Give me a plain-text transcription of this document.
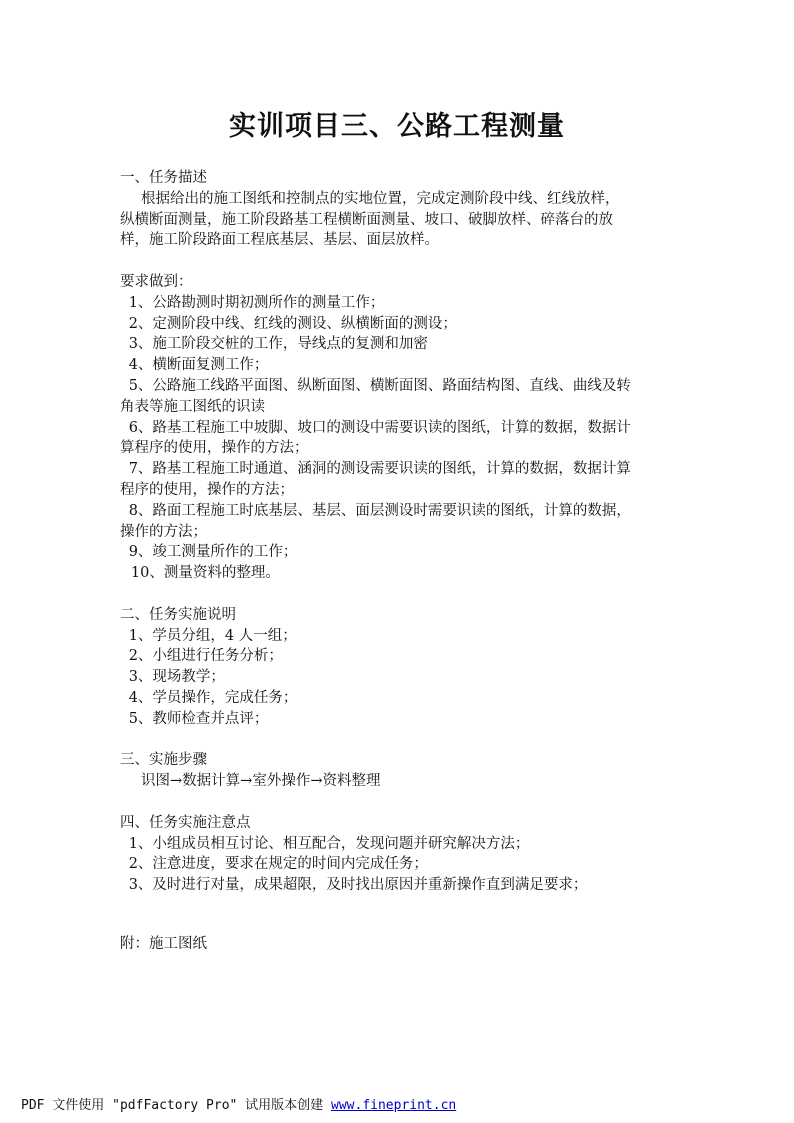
实训项目三、公路工程测量
一、任务描述
根据给出的施工图纸和控制点的实地位置，完成定测阶段中线、红线放样，
纵横断面测量，施工阶段路基工程横断面测量、坡口、破脚放样、碎落台的放
样，施工阶段路面工程底基层、基层、面层放样。
要求做到：
1、公路勘测时期初测所作的测量工作；
2、定测阶段中线、红线的测设、纵横断面的测设；
3、施工阶段交桩的工作，导线点的复测和加密
4、横断面复测工作；
5、公路施工线路平面图、纵断面图、横断面图、路面结构图、直线、曲线及转
角表等施工图纸的识读
6、路基工程施工中坡脚、坡口的测设中需要识读的图纸，计算的数据，数据计
算程序的使用，操作的方法；
7、路基工程施工时通道、涵洞的测设需要识读的图纸，计算的数据，数据计算
程序的使用，操作的方法；
8、路面工程施工时底基层、基层、面层测设时需要识读的图纸，计算的数据，
操作的方法；
9、竣工测量所作的工作；
10、测量资料的整理。
二、任务实施说明
1、学员分组，4 人一组；
2、小组进行任务分析；
3、现场教学；
4、学员操作，完成任务；
5、教师检查并点评；
三、实施步骤
识图→数据计算→室外操作→资料整理
四、任务实施注意点
1、小组成员相互讨论、相互配合，发现问题并研究解决方法；
2、注意进度，要求在规定的时间内完成任务；
3、及时进行对量，成果超限，及时找出原因并重新操作直到满足要求；
附：施工图纸
PDF 文件使用 "pdfFactory Pro" 试用版本创建 www.fineprint.cn
